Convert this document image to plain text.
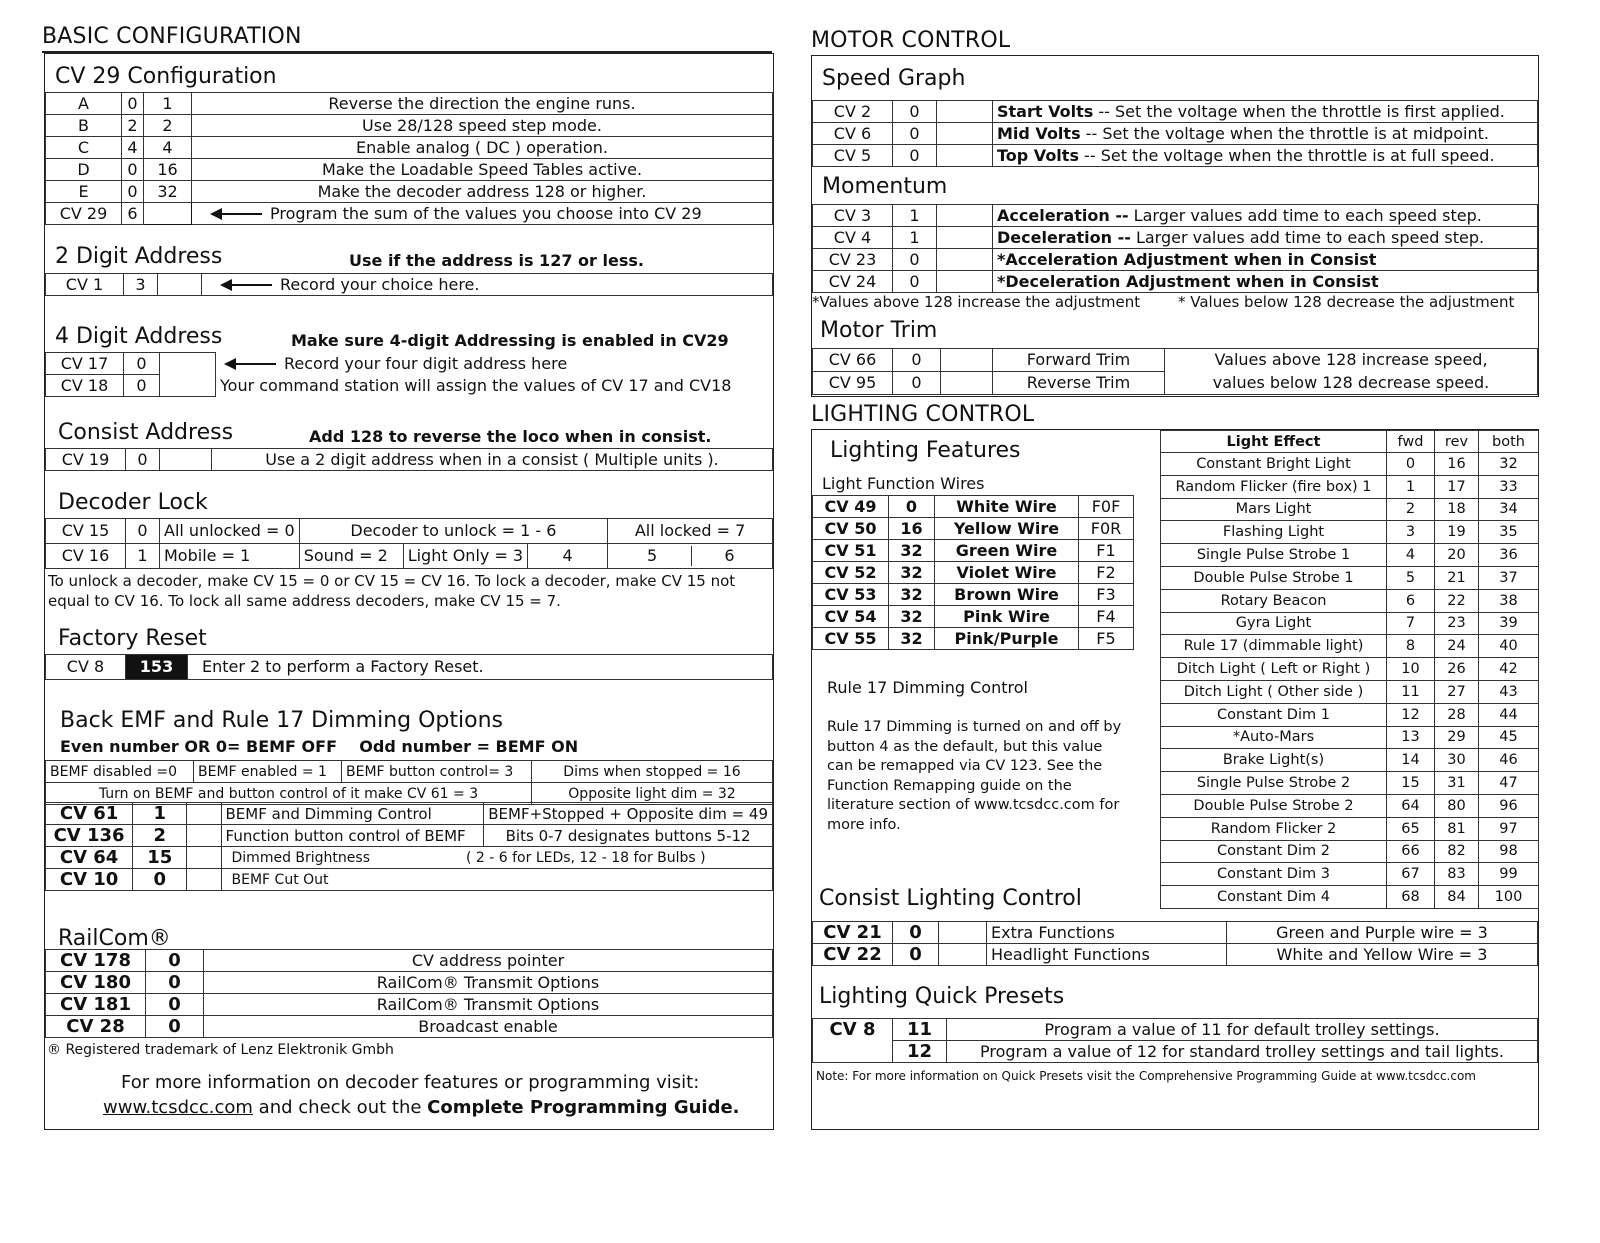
BASIC CONFIGURATION
CV 29 Configuration
A	0	1	Reverse the direction the engine runs.
B	2	2	Use 28/128 speed step mode.
C	4	4	Enable analog ( DC ) operation.
D	0	16	Make the Loadable Speed Tables active.
E	0	32	Make the decoder address 128 or higher.
CV 29	6		Program the sum of the values you choose into CV 29
2 Digit Address	Use if the address is 127 or less.
CV 1	3		Record your choice here.
4 Digit Address	Make sure 4-digit Addressing is enabled in CV29
CV 17	0		Record your four digit address here
CV 18	0		Your command station will assign the values of CV 17 and CV18
Consist Address	Add 128 to reverse the loco when in consist.
CV 19	0		Use a 2 digit address when in a consist ( Multiple units ).
Decoder Lock
CV 15	0	All unlocked = 0	Decoder to unlock = 1 - 6			All locked = 7
CV 16	1	Mobile = 1	Sound = 2	Light Only = 3	4	5 6
To unlock a decoder, make CV 15 = 0 or CV 15 = CV 16. To lock a decoder, make CV 15 not equal to CV 16. To lock all same address decoders, make CV 15 = 7.
Factory Reset
CV 8	153	Enter 2 to perform a Factory Reset.
Back EMF and Rule 17 Dimming Options
Even number OR 0= BEMF OFF    Odd number = BEMF ON
BEMF disabled =0	BEMF enabled = 1	BEMF button control= 3	Dims when stopped = 16
Turn on BEMF and button control of it make CV 61 = 3			Opposite light dim = 32
CV 61	1		BEMF and Dimming Control	BEMF+Stopped + Opposite dim = 49
CV 136	2		Function button control of BEMF	Bits 0-7 designates buttons 5-12
CV 64	15		Dimmed Brightness ( 2 - 6 for LEDs, 12 - 18 for Bulbs )	
CV 10	0		BEMF Cut Out	
RailCom®
CV 178	0	CV address pointer
CV 180	0	RailCom® Transmit Options
CV 181	0	RailCom® Transmit Options
CV 28	0	Broadcast enable
® Registered trademark of Lenz Elektronik Gmbh
For more information on decoder features or programming visit:
www.tcsdcc.com and check out the Complete Programming Guide.
MOTOR CONTROL
Speed Graph
CV 2	0		Start Volts -- Set the voltage when the throttle is first applied.
CV 6	0		Mid Volts -- Set the voltage when the throttle is at midpoint.
CV 5	0		Top Volts -- Set the voltage when the throttle is at full speed.
Momentum
CV 3	1		Acceleration -- Larger values add time to each speed step.
CV 4	1		Deceleration -- Larger values add time to each speed step.
CV 23	0		*Acceleration Adjustment when in Consist
CV 24	0		*Deceleration Adjustment when in Consist
*Values above 128 increase the adjustment	* Values below 128 decrease the adjustment
Motor Trim
CV 66	0		Forward Trim	Values above 128 increase speed,
CV 95	0		Reverse Trim	values below 128 decrease speed.
LIGHTING CONTROL
Lighting Features
Light Function Wires
CV 49	0	White Wire	F0F
CV 50	16	Yellow Wire	F0R
CV 51	32	Green Wire	F1
CV 52	32	Violet Wire	F2
CV 53	32	Brown Wire	F3
CV 54	32	Pink Wire	F4
CV 55	32	Pink/Purple	F5
Rule 17 Dimming Control
Rule 17 Dimming is turned on and off by button 4 as the default, but this value can be remapped via CV 123. See the Function Remapping guide on the literature section of www.tcsdcc.com for more info.
Light Effect	fwd	rev	both
Constant Bright Light	0	16	32
Random Flicker (fire box) 1	1	17	33
Mars Light	2	18	34
Flashing Light	3	19	35
Single Pulse Strobe 1	4	20	36
Double Pulse Strobe 1	5	21	37
Rotary Beacon	6	22	38
Gyra Light	7	23	39
Rule 17 (dimmable light)	8	24	40
Ditch Light ( Left or Right )	10	26	42
Ditch Light ( Other side )	11	27	43
Constant Dim 1	12	28	44
*Auto-Mars	13	29	45
Brake Light(s)	14	30	46
Single Pulse Strobe 2	15	31	47
Double Pulse Strobe 2	64	80	96
Random Flicker 2	65	81	97
Constant Dim 2	66	82	98
Constant Dim 3	67	83	99
Constant Dim 4	68	84	100
Consist Lighting Control
CV 21	0		Extra Functions	Green and Purple wire = 3
CV 22	0		Headlight Functions	White and Yellow Wire = 3
Lighting Quick Presets
CV 8	11	Program a value of 11 for default trolley settings.
	12	Program a value of 12 for standard trolley settings and tail lights.
Note: For more information on Quick Presets visit the Comprehensive Programming Guide at www.tcsdcc.com
